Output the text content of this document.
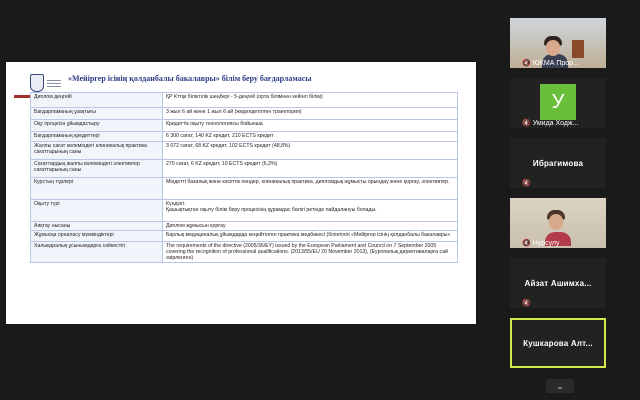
«Мейіргер ісінің қолданбалы бакалавры» білім беру бағдарламасы
Диплом деңгейі	ҚР Кттқк біліктілік шеңбері - 5-деңгей (орта білімнен кейінгі білім)
Бағдарламаның ұзақтығы	3 жыл 6 ай және 1 жыл 6 ай (жеделдетілген траектория)
Оқу процесін ұйымдастыру	Кредиттік оқыту технологиясы бойынша
Бағдарламаның кредиттері	6 300 сағат, 140 KZ кредит, 210 ECTS кредит
Жалпы сағат көлеміндегі клиникалық практика сағаттарының саны	3 072 сағат, 68 KZ кредит, 102 ECTS кредит (48,8%)
Сағаттардың жалпы көлеміндегі элективтер сағаттарының саны	270 сағат, 6 KZ кредит, 10 ECTS кредит (6,3%)
Курстың түрлері	Міндетті базалық және кәсіптік пәндер, клиникалық практика, дипломдық жұмысты орындау және қорғау, элективтер.
Оқыту түрі	Күндізгі.
Қашықтықтан оқыту білім беру процесінің құрамдас бөлігі ретінде пайдалануы болады.
Аяқтау нысаны	Диплом жұмысын қорғау
Жұмысқа орналасу мүмкіндіктері	Барлық медициналық ұйымдарда кеңейтілген практика медбикесі (біліктілігі «Мейіргер ісінің қолданбалы бакалавры»
Халықаралық ұсынымдарға сәйкестігі	The requirements of the directive (2005/36/EY) issued by the European Parliament and Council on 7 September 2005 covering the recognition of professional qualifications. (2013/55/EU 20 November 2013), (Еуропалық директивaларға сай әзірленген)
🔇 ЮКМА Прор...
У
🔇 Умида Ходж...
Ибрагимова
🔇
🔇 Нурсулу
Айзат Ашимха...
🔇
Кушкарова Алт...
⌄
